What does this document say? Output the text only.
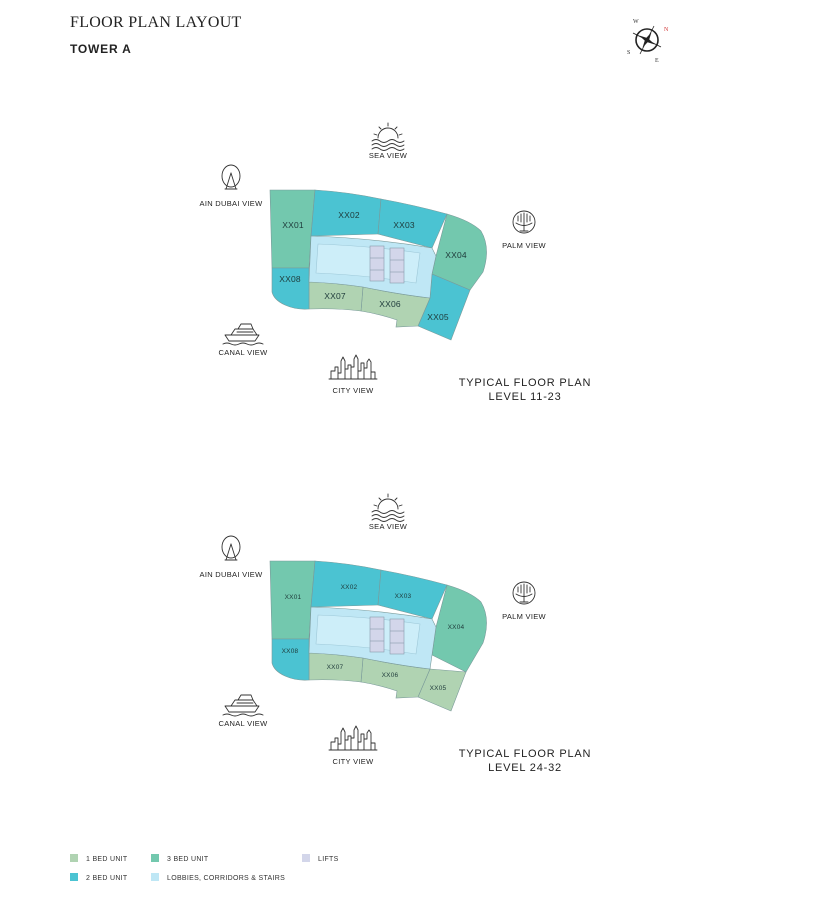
FLOOR PLAN LAYOUT
TOWER A
W
N
S
E
SEA VIEW
AIN DUBAI VIEW
PALM VIEW
CANAL VIEW
CITY VIEW
XX01
XX02
XX03
XX04
XX05
XX06
XX07
XX08
TYPICAL FLOOR PLAN
LEVEL 11-23
SEA VIEW
AIN DUBAI VIEW
PALM VIEW
CANAL VIEW
CITY VIEW
XX01
XX02
XX03
XX04
XX05
XX06
XX07
XX08
TYPICAL FLOOR PLAN
LEVEL 24-32
1 BED UNIT
2 BED UNIT
3 BED UNIT
LOBBIES, CORRIDORS & STAIRS
LIFTS
